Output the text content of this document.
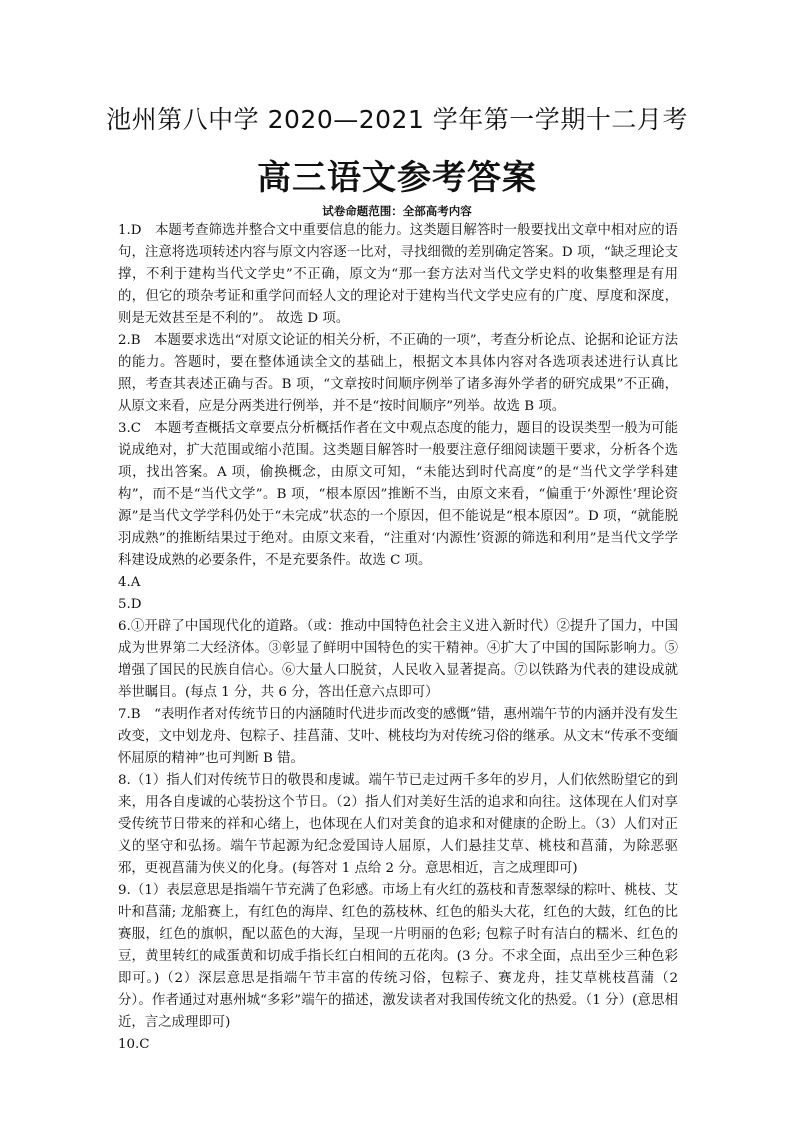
池州第八中学 2020—2021 学年第一学期十二月考
高三语文参考答案
试卷命题范围：全部高考内容

1.D　本题考查筛选并整合文中重要信息的能力。这类题目解答时一般要找出文章中相对应的语句，注意将选项转述内容与原文内容逐一比对，寻找细微的差别确定答案。D 项，“缺乏理论支撑，不利于建构当代文学史”不正确，原文为“那一套方法对当代文学史料的收集整理是有用的，但它的琐杂考证和重学问而轻人文的理论对于建构当代文学史应有的广度、厚度和深度，则是无效甚至是不利的”。 故选 D 项。

2.B　本题要求选出“对原文论证的相关分析，不正确的一项”，考查分析论点、论据和论证方法的能力。答题时，要在整体通读全文的基础上，根据文本具体内容对各选项表述进行认真比照，考查其表述正确与否。B 项，“文章按时间顺序例举了诸多海外学者的研究成果”不正确，从原文来看，应是分两类进行例举，并不是“按时间顺序”列举。故选 B 项。

3.C　本题考查概括文章要点分析概括作者在文中观点态度的能力，题目的设误类型一般为可能说成绝对，扩大范围或缩小范围。这类题目解答时一般要注意仔细阅读题干要求，分析各个选项，找出答案。A 项，偷换概念，由原文可知，“未能达到时代高度”的是“当代文学学科建构”，而不是“当代文学”。B 项，“根本原因”推断不当，由原文来看，“偏重于‘外源性’理论资源”是当代文学学科仍处于“未完成”状态的一个原因，但不能说是“根本原因”。D 项，“就能脱羽成熟”的推断结果过于绝对。由原文来看，“注重对‘内源性’资源的筛选和利用”是当代文学学科建设成熟的必要条件，不是充要条件。故选 C 项。

4.A

5.D

6.①开辟了中国现代化的道路。（或：推动中国特色社会主义进入新时代）②提升了国力，中国成为世界第二大经济体。③彰显了鲜明中国特色的实干精神。④扩大了中国的国际影响力。⑤ 增强了国民的民族自信心。⑥大量人口脱贫，人民收入显著提高。⑦以铁路为代表的建设成就举世瞩目。(每点 1 分，共 6 分，答出任意六点即可）

7.B　“表明作者对传统节日的内涵随时代进步而改变的感慨”错，惠州端午节的内涵并没有发生改变，文中划龙舟、包粽子、挂菖蒲、艾叶、桃枝均为对传统习俗的继承。从文末“传承不变缅怀屈原的精神”也可判断 B 错。

8.（1）指人们对传统节日的敬畏和虔诚。端午节已走过两千多年的岁月，人们依然盼望它的到来，用各自虔诚的心装扮这个节日。（2）指人们对美好生活的追求和向往。这体现在人们对享受传统节日带来的祥和心绪上，也体现在人们对美食的追求和对健康的企盼上。（3）人们对正义的坚守和弘扬。端午节起源为纪念爱国诗人屈原，人们悬挂艾草、桃枝和菖蒲，为除恶驱邪，更视菖蒲为侠义的化身。(每答对 1 点给 2 分。意思相近，言之成理即可)

9.（1）表层意思是指端午节充满了色彩感。市场上有火红的荔枝和青葱翠绿的粽叶、桃枝、艾叶和菖蒲; 龙船赛上，有红色的海岸、红色的荔枝林、红色的船头大花，红色的大鼓，红色的比赛服，红色的旗帜，配以蓝色的大海，呈现一片明丽的色彩; 包粽子时有洁白的糯米、红色的豆，黄里转红的咸蛋黄和切成手指长红白相间的五花肉。(3 分。不求全面，点出至少三种色彩即可。)（2）深层意思是指端午节丰富的传统习俗，包粽子、赛龙舟，挂艾草桃枝菖蒲（2 分）。作者通过对惠州城“多彩”端午的描述，激发读者对我国传统文化的热爱。（1 分）(意思相近，言之成理即可)

10.C
